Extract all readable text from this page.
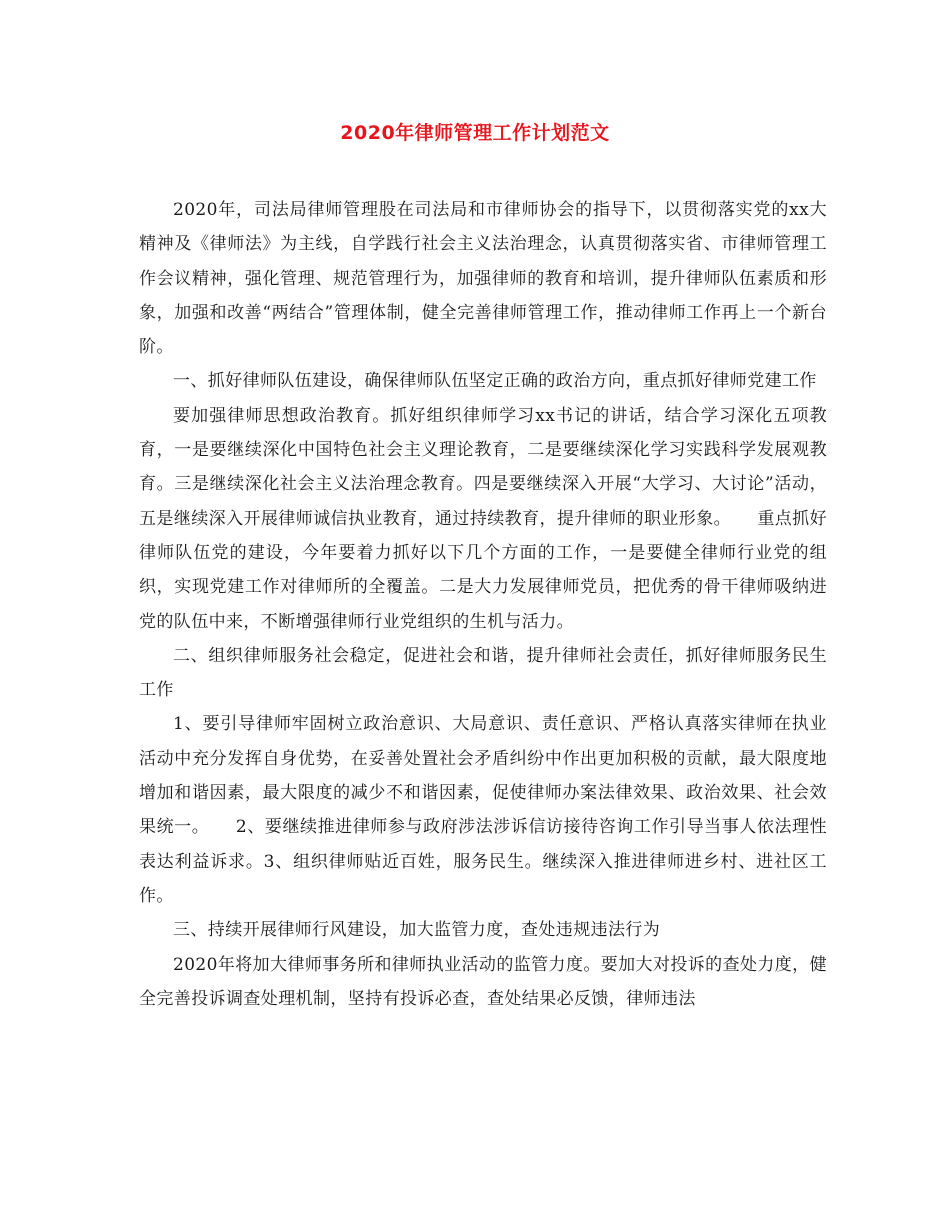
2020年律师管理工作计划范文

2020年，司法局律师管理股在司法局和市律师协会的指导下，以贯彻落实党的xx大精神及《律师法》为主线，自学践行社会主义法治理念，认真贯彻落实省、市律师管理工作会议精神，强化管理、规范管理行为，加强律师的教育和培训，提升律师队伍素质和形象，加强和改善“两结合”管理体制，健全完善律师管理工作，推动律师工作再上一个新台阶。

一、抓好律师队伍建设，确保律师队伍坚定正确的政治方向，重点抓好律师党建工作

要加强律师思想政治教育。抓好组织律师学习xx书记的讲话，结合学习深化五项教育，一是要继续深化中国特色社会主义理论教育，二是要继续深化学习实践科学发展观教育。三是继续深化社会主义法治理念教育。四是要继续深入开展“大学习、大讨论”活动，五是继续深入开展律师诚信执业教育，通过持续教育，提升律师的职业形象。　　重点抓好律师队伍党的建设，今年要着力抓好以下几个方面的工作，一是要健全律师行业党的组织，实现党建工作对律师所的全覆盖。二是大力发展律师党员，把优秀的骨干律师吸纳进党的队伍中来，不断增强律师行业党组织的生机与活力。

二、组织律师服务社会稳定，促进社会和谐，提升律师社会责任，抓好律师服务民生工作

1、要引导律师牢固树立政治意识、大局意识、责任意识、严格认真落实律师在执业活动中充分发挥自身优势，在妥善处置社会矛盾纠纷中作出更加积极的贡献，最大限度地增加和谐因素，最大限度的减少不和谐因素，促使律师办案法律效果、政治效果、社会效果统一。　　2、要继续推进律师参与政府涉法涉诉信访接待咨询工作引导当事人依法理性表达利益诉求。3、组织律师贴近百姓，服务民生。继续深入推进律师进乡村、进社区工作。

三、持续开展律师行风建设，加大监管力度，查处违规违法行为

2020年将加大律师事务所和律师执业活动的监管力度。要加大对投诉的查处力度，健全完善投诉调查处理机制，坚持有投诉必查，查处结果必反馈，律师违法
